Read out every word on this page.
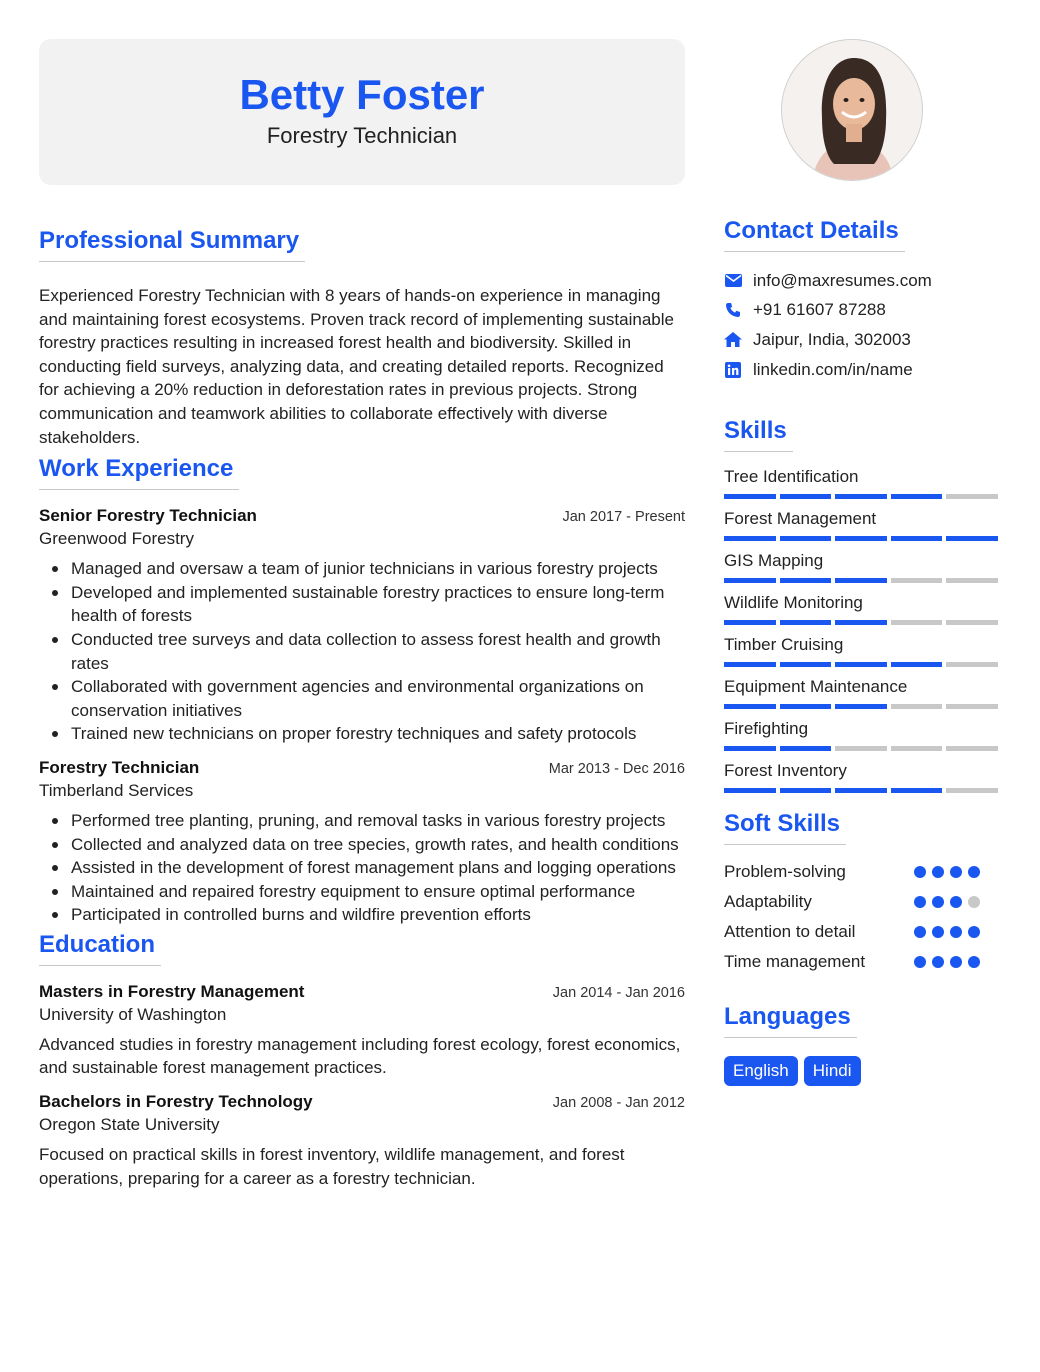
Betty Foster
Forestry Technician
Professional Summary
Experienced Forestry Technician with 8 years of hands-on experience in managing and maintaining forest ecosystems. Proven track record of implementing sustainable forestry practices resulting in increased forest health and biodiversity. Skilled in conducting field surveys, analyzing data, and creating detailed reports. Recognized for achieving a 20% reduction in deforestation rates in previous projects. Strong communication and teamwork abilities to collaborate effectively with diverse stakeholders.
Work Experience
Senior Forestry Technician	Jan 2017 - Present
Greenwood Forestry
Managed and oversaw a team of junior technicians in various forestry projects
Developed and implemented sustainable forestry practices to ensure long-term health of forests
Conducted tree surveys and data collection to assess forest health and growth rates
Collaborated with government agencies and environmental organizations on conservation initiatives
Trained new technicians on proper forestry techniques and safety protocols
Forestry Technician	Mar 2013 - Dec 2016
Timberland Services
Performed tree planting, pruning, and removal tasks in various forestry projects
Collected and analyzed data on tree species, growth rates, and health conditions
Assisted in the development of forest management plans and logging operations
Maintained and repaired forestry equipment to ensure optimal performance
Participated in controlled burns and wildfire prevention efforts
Education
Masters in Forestry Management	Jan 2014 - Jan 2016
University of Washington
Advanced studies in forestry management including forest ecology, forest economics, and sustainable forest management practices.
Bachelors in Forestry Technology	Jan 2008 - Jan 2012
Oregon State University
Focused on practical skills in forest inventory, wildlife management, and forest operations, preparing for a career as a forestry technician.
Contact Details
info@maxresumes.com
+91 61607 87288
Jaipur, India, 302003
linkedin.com/in/name
Skills
Tree Identification
Forest Management
GIS Mapping
Wildlife Monitoring
Timber Cruising
Equipment Maintenance
Firefighting
Forest Inventory
Soft Skills
Problem-solving
Adaptability
Attention to detail
Time management
Languages
English	Hindi
